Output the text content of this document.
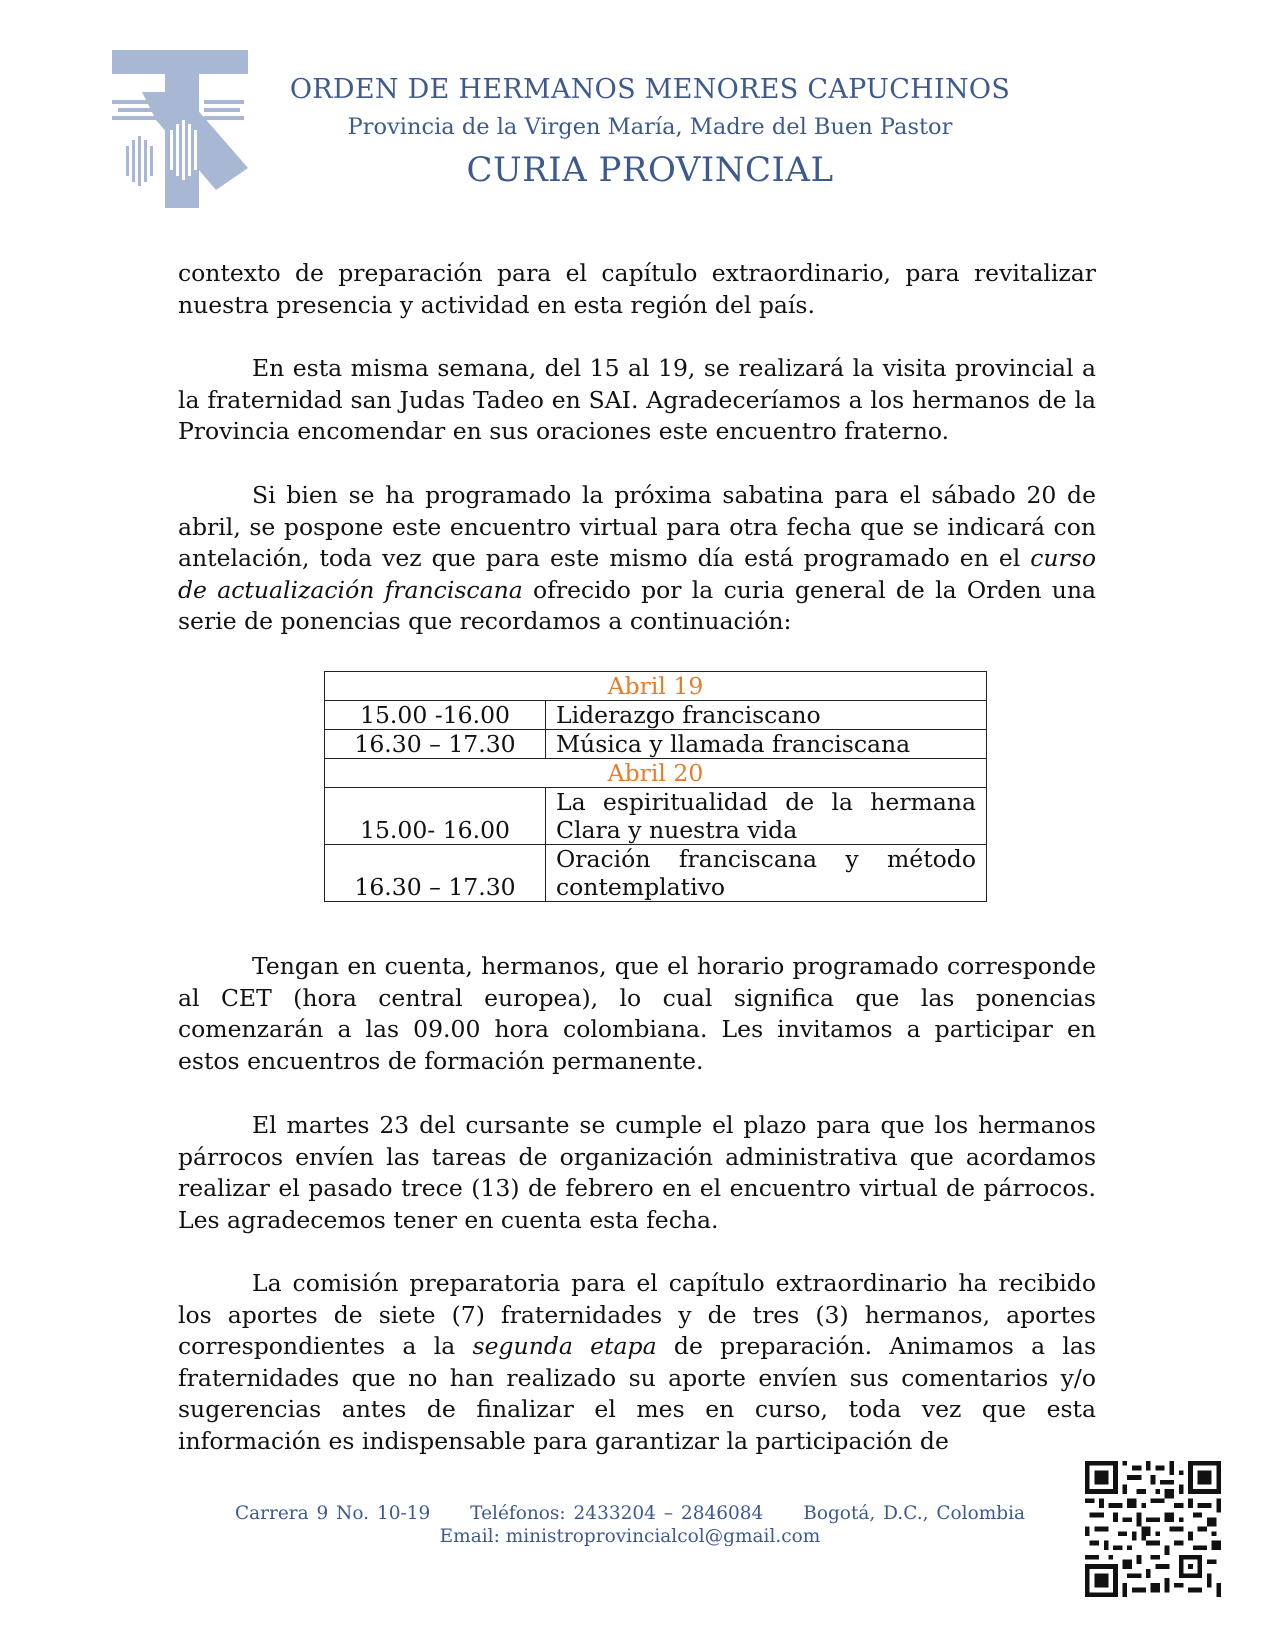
ORDEN DE HERMANOS MENORES CAPUCHINOS
Provincia de la Virgen María, Madre del Buen Pastor
CURIA PROVINCIAL

contexto de preparación para el capítulo extraordinario, para revitalizar nuestra presencia y actividad en esta región del país.

En esta misma semana, del 15 al 19, se realizará la visita provincial a la fraternidad san Judas Tadeo en SAI. Agradeceríamos a los hermanos de la Provincia encomendar en sus oraciones este encuentro fraterno.

Si bien se ha programado la próxima sabatina para el sábado 20 de abril, se pospone este encuentro virtual para otra fecha que se indicará con antelación, toda vez que para este mismo día está programado en el curso de actualización franciscana ofrecido por la curia general de la Orden una serie de ponencias que recordamos a continuación:

Abril 19	
15.00 -16.00	Liderazgo franciscano
16.30 – 17.30	Música y llamada franciscana
Abril 20	
15.00- 16.00	La espiritualidad de la hermana Clara y nuestra vida
16.30 – 17.30	Oración franciscana y método contemplativo

Tengan en cuenta, hermanos, que el horario programado corresponde al CET (hora central europea), lo cual significa que las ponencias comenzarán a las 09.00 hora colombiana. Les invitamos a participar en estos encuentros de formación permanente.

El martes 23 del cursante se cumple el plazo para que los hermanos párrocos envíen las tareas de organización administrativa que acordamos realizar el pasado trece (13) de febrero en el encuentro virtual de párrocos. Les agradecemos tener en cuenta esta fecha.

La comisión preparatoria para el capítulo extraordinario ha recibido los aportes de siete (7) fraternidades y de tres (3) hermanos, aportes correspondientes a la segunda etapa de preparación. Animamos a las fraternidades que no han realizado su aporte envíen sus comentarios y/o sugerencias antes de finalizar el mes en curso, toda vez que esta información es indispensable para garantizar la participación de

Carrera 9 No. 10-19 Teléfonos: 2433204 – 2846084 Bogotá, D.C., Colombia
Email: ministroprovincialcol@gmail.com
